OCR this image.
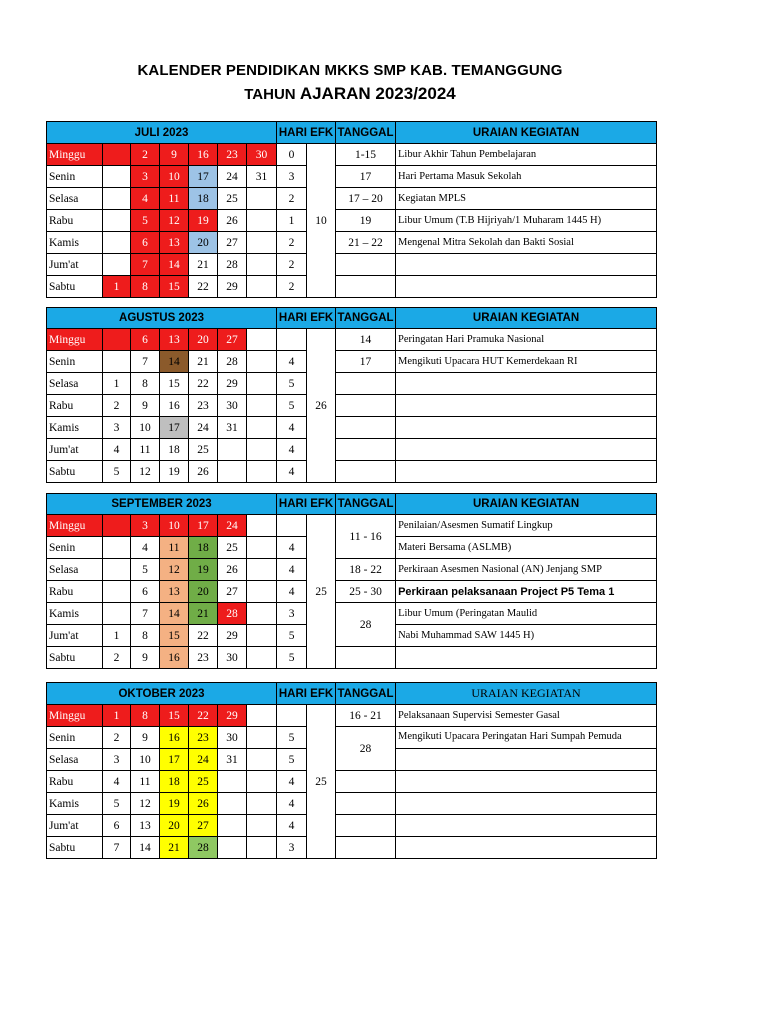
KALENDER PENDIDIKAN MKKS SMP KAB. TEMANGGUNG
TAHUN AJARAN 2023/2024
JULI 2023							HARI EFK		TANGGAL	URAIAN KEGIATAN
Minggu		2	9	16	23	30	0	10	1-15	Libur Akhir Tahun Pembelajaran
Senin		3	10	17	24	31	3		17	Hari Pertama Masuk Sekolah
Selasa		4	11	18	25		2		17 – 20	Kegiatan MPLS
Rabu		5	12	19	26		1		19	Libur Umum (T.B Hijriyah/1 Muharam 1445 H)
Kamis		6	13	20	27		2		21 – 22	Mengenal Mitra Sekolah dan Bakti Sosial
Jum'at		7	14	21	28		2			
Sabtu	1	8	15	22	29		2			
AGUSTUS 2023							HARI EFK		TANGGAL	URAIAN KEGIATAN
Minggu		6	13	20	27			26	14	Peringatan Hari Pramuka Nasional
Senin		7	14	21	28		4		17	Mengikuti Upacara HUT Kemerdekaan RI
Selasa	1	8	15	22	29		5			
Rabu	2	9	16	23	30		5			
Kamis	3	10	17	24	31		4			
Jum'at	4	11	18	25			4			
Sabtu	5	12	19	26			4			
SEPTEMBER 2023							HARI EFK		TANGGAL	URAIAN KEGIATAN
Minggu		3	10	17	24			25	11 - 16	Penilaian/Asesmen Sumatif Lingkup
Senin		4	11	18	25		4			Materi Bersama (ASLMB)
Selasa		5	12	19	26		4		18 - 22	Perkiraan Asesmen Nasional (AN) Jenjang SMP
Rabu		6	13	20	27		4		25 - 30	Perkiraan pelaksanaan Project P5 Tema 1
Kamis		7	14	21	28		3		28	Libur Umum (Peringatan Maulid
Jum'at	1	8	15	22	29		5			Nabi Muhammad SAW 1445 H)
Sabtu	2	9	16	23	30		5			
OKTOBER 2023							HARI EFK		TANGGAL	URAIAN KEGIATAN
Minggu	1	8	15	22	29			25	16 - 21	Pelaksanaan Supervisi Semester Gasal
Senin	2	9	16	23	30		5		28	Mengikuti Upacara Peringatan Hari Sumpah Pemuda
Selasa	3	10	17	24	31		5			
Rabu	4	11	18	25			4			
Kamis	5	12	19	26			4			
Jum'at	6	13	20	27			4			
Sabtu	7	14	21	28			3			
